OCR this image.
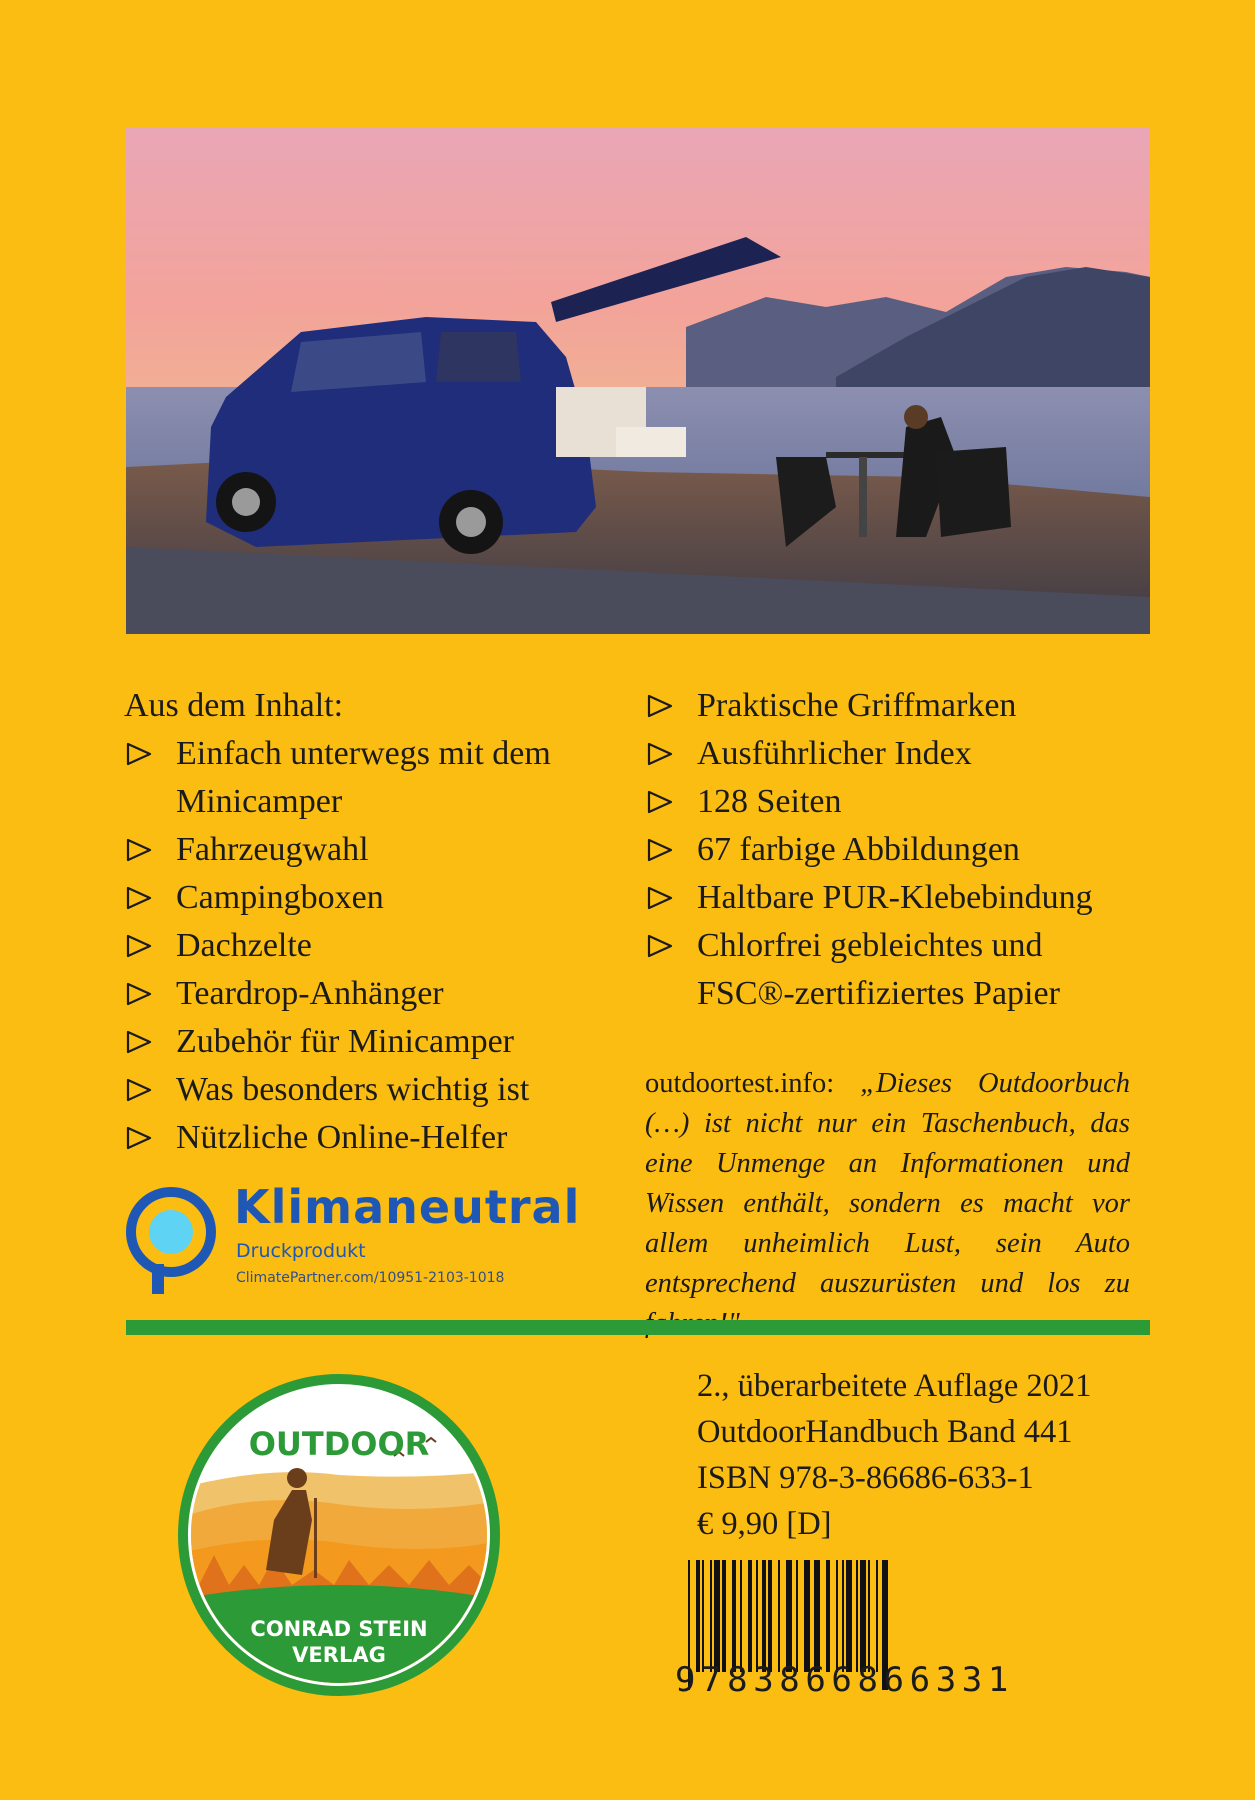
Aus dem Inhalt:

Einfach unterwegs mit dem Minicamper
Fahrzeugwahl
Campingboxen
Dachzelte
Teardrop-Anhänger
Zubehör für Minicamper
Was besonders wichtig ist
Nützliche Online-Helfer
Praktische Griffmarken
Ausführlicher Index
128 Seiten
67 farbige Abbildungen
Haltbare PUR-Klebebindung
Chlorfrei gebleichtes und FSC®-zertifiziertes Papier
outdoortest.info: „Dieses Outdoorbuch (…) ist nicht nur ein Taschenbuch, das eine Unmenge an Informationen und Wissen enthält, sondern es macht vor allem unheimlich Lust, sein Auto entsprechend auszurüsten und los zu
Klimaneutral
Druckprodukt
ClimatePartner.com/10951-2103-1018
OUTDOOR
CONRAD STEIN
VERLAG
2., überarbeitete Auflage 2021
OutdoorHandbuch Band 441
ISBN 978-3-86686-633-1
€ 9,90 [D]
9783866866331
